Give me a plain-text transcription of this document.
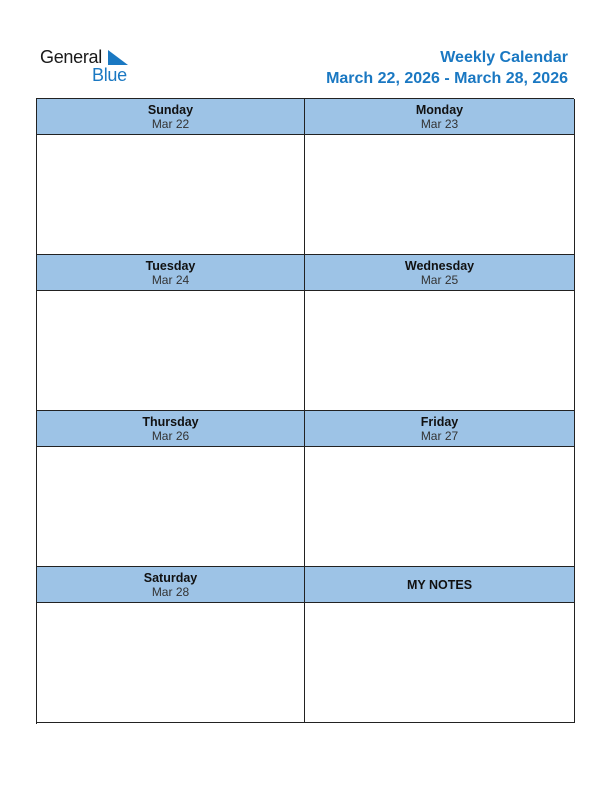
General
Blue
Weekly Calendar
March 22, 2026 - March 28, 2026
Sunday
Mar 22
Monday
Mar 23
Tuesday
Mar 24
Wednesday
Mar 25
Thursday
Mar 26
Friday
Mar 27
Saturday
Mar 28	MY NOTES
